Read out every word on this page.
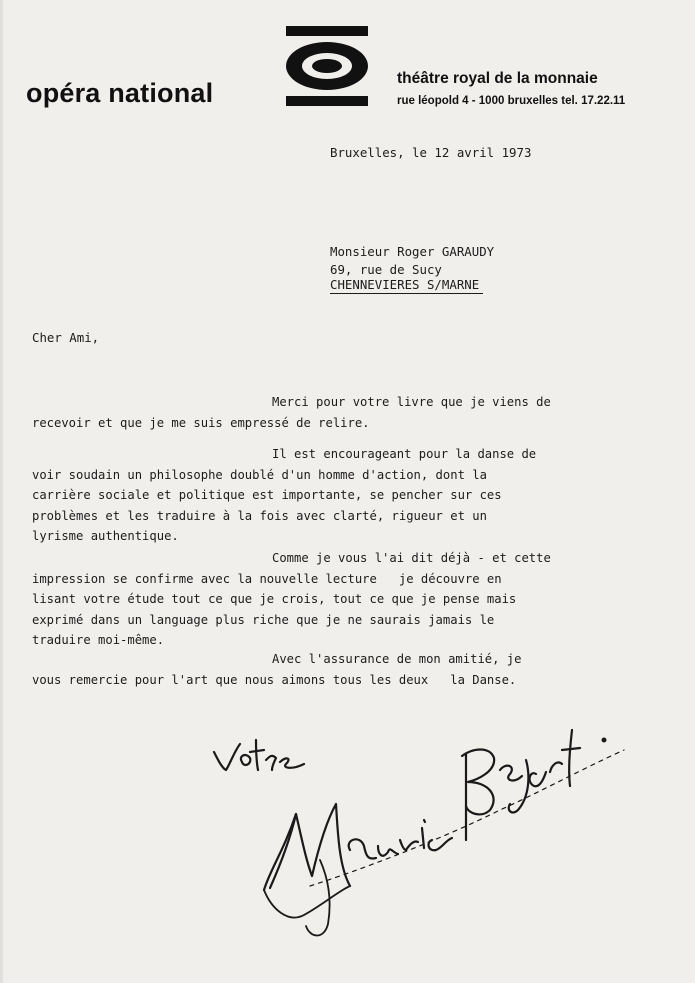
opéra national	théâtre royal de la monnaie
rue léopold 4 - 1000 bruxelles tel. 17.22.11
Bruxelles, le 12 avril 1973
Monsieur Roger GARAUDY
69, rue de Sucy
CHENNEVIERES S/MARNE
Cher Ami,
Merci pour votre livre que je viens de
recevoir et que je me suis empressé de relire.
Il est encourageant pour la danse de
voir soudain un philosophe doublé d'un homme d'action, dont la
carrière sociale et politique est importante, se pencher sur ces
problèmes et les traduire à la fois avec clarté, rigueur et un
lyrisme authentique.
Comme je vous l'ai dit déjà - et cette
impression se confirme avec la nouvelle lecture   je découvre en
lisant votre étude tout ce que je crois, tout ce que je pense mais
exprimé dans un language plus riche que je ne saurais jamais le
traduire moi-même.
Avec l'assurance de mon amitié, je
vous remercie pour l'art que nous aimons tous les deux   la Danse.
